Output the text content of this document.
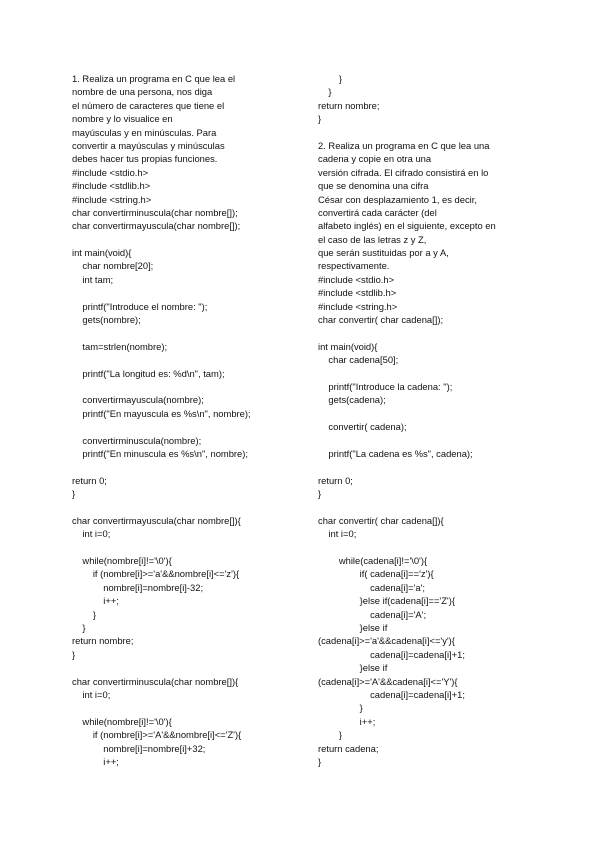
1. Realiza un programa en C que lea el
nombre de una persona, nos diga
el número de caracteres que tiene el
nombre y lo visualice en
mayúsculas y en minúsculas. Para
convertir a mayúsculas y minúsculas
debes hacer tus propias funciones.
#include <stdio.h>
#include <stdlib.h>
#include <string.h>
char convertirminuscula(char nombre[]);
char convertirmayuscula(char nombre[]);
int main(void){
char nombre[20];
int tam;
printf("Introduce el nombre: ");
gets(nombre);
tam=strlen(nombre);
printf("La longitud es: %d\n", tam);
convertirmayuscula(nombre);
printf("En mayuscula es %s\n", nombre);
convertirminuscula(nombre);
printf("En minuscula es %s\n", nombre);
return 0;
}
char convertirmayuscula(char nombre[]){
int i=0;
while(nombre[i]!='\0'){
if (nombre[i]>='a'&&nombre[i]<='z'){
nombre[i]=nombre[i]-32;
i++;
}
}
return nombre;
}
char convertirminuscula(char nombre[]){
int i=0;
while(nombre[i]!='\0'){
if (nombre[i]>='A'&&nombre[i]<='Z'){
nombre[i]=nombre[i]+32;
i++;
}
}
return nombre;
}
2. Realiza un programa en C que lea una
cadena y copie en otra una
versión cifrada. El cifrado consistirá en lo
que se denomina una cifra
César con desplazamiento 1, es decir,
convertirá cada carácter (del
alfabeto inglés) en el siguiente, excepto en
el caso de las letras z y Z,
que serán sustituidas por a y A,
respectivamente.
#include <stdio.h>
#include <stdlib.h>
#include <string.h>
char convertir( char cadena[]);
int main(void){
char cadena[50];
printf("Introduce la cadena: ");
gets(cadena);
convertir( cadena);
printf("La cadena es %s", cadena);
return 0;
}
char convertir( char cadena[]){
int i=0;
while(cadena[i]!='\0'){
if( cadena[i]=='z'){
cadena[i]='a';
}else if(cadena[i]=='Z'){
cadena[i]='A';
}else if
(cadena[i]>='a'&&cadena[i]<='y'){
cadena[i]=cadena[i]+1;
}else if
(cadena[i]>='A'&&cadena[i]<='Y'){
cadena[i]=cadena[i]+1;
}
i++;
}
return cadena;
}
